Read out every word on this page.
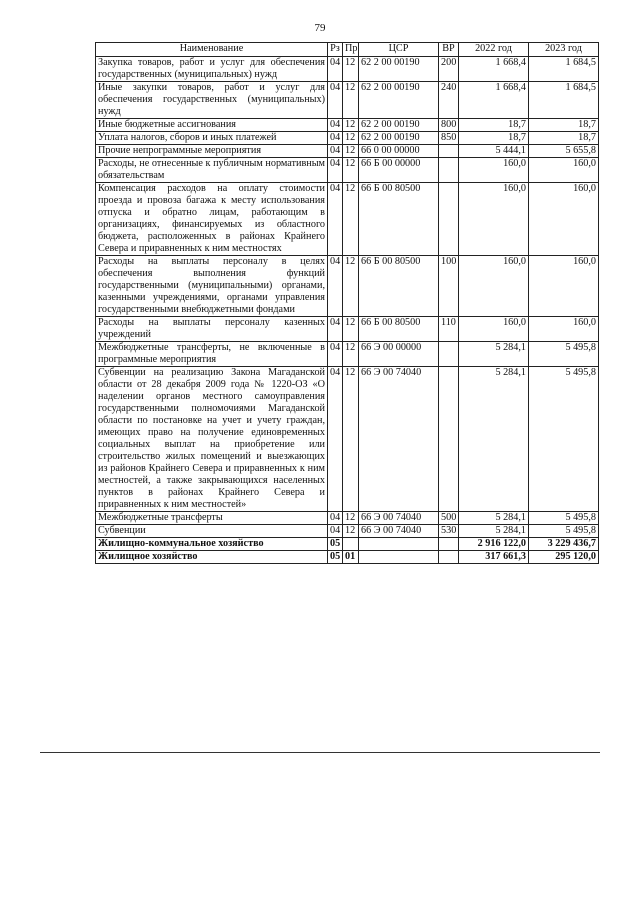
79
Наименование	Рз	Пр	ЦСР	ВР	2022 год	2023 год
Закупка товаров, работ и услуг для обеспечения государственных (муниципальных) нужд	04	12	62 2 00 00190	200	1 668,4	1 684,5
Иные закупки товаров, работ и услуг для обеспечения государственных (муниципальных) нужд	04	12	62 2 00 00190	240	1 668,4	1 684,5
Иные бюджетные ассигнования	04	12	62 2 00 00190	800	18,7	18,7
Уплата налогов, сборов и иных платежей	04	12	62 2 00 00190	850	18,7	18,7
Прочие непрограммные мероприятия	04	12	66 0 00 00000		5 444,1	5 655,8
Расходы, не отнесенные к публичным нормативным обязательствам	04	12	66 Б 00 00000		160,0	160,0
Компенсация расходов на оплату стоимости проезда и провоза багажа к месту использования отпуска и обратно лицам, работающим в организациях, финансируемых из областного бюджета, расположенных в районах Крайнего Севера и приравненных к ним местностях	04	12	66 Б 00 80500		160,0	160,0
Расходы на выплаты персоналу в целях обеспечения выполнения функций государственными (муниципальными) органами, казенными учреждениями, органами управления государственными внебюджетными фондами	04	12	66 Б 00 80500	100	160,0	160,0
Расходы на выплаты персоналу казенных учреждений	04	12	66 Б 00 80500	110	160,0	160,0
Межбюджетные трансферты, не включенные в программные мероприятия	04	12	66 Э 00 00000		5 284,1	5 495,8
Субвенции на реализацию Закона Магаданской области от 28 декабря 2009 года № 1220-ОЗ «О наделении органов местного самоуправления государственными полномочиями Магаданской области по постановке на учет и учету граждан, имеющих право на получение единовременных социальных выплат на приобретение или строительство жилых помещений и выезжающих из районов Крайнего Севера и приравненных к ним местностей, а также закрывающихся населенных пунктов в районах Крайнего Севера и приравненных к ним местностей»	04	12	66 Э 00 74040		5 284,1	5 495,8
Межбюджетные трансферты	04	12	66 Э 00 74040	500	5 284,1	5 495,8
Субвенции	04	12	66 Э 00 74040	530	5 284,1	5 495,8
Жилищно-коммунальное хозяйство	05				2 916 122,0	3 229 436,7
Жилищное хозяйство	05	01			317 661,3	295 120,0
